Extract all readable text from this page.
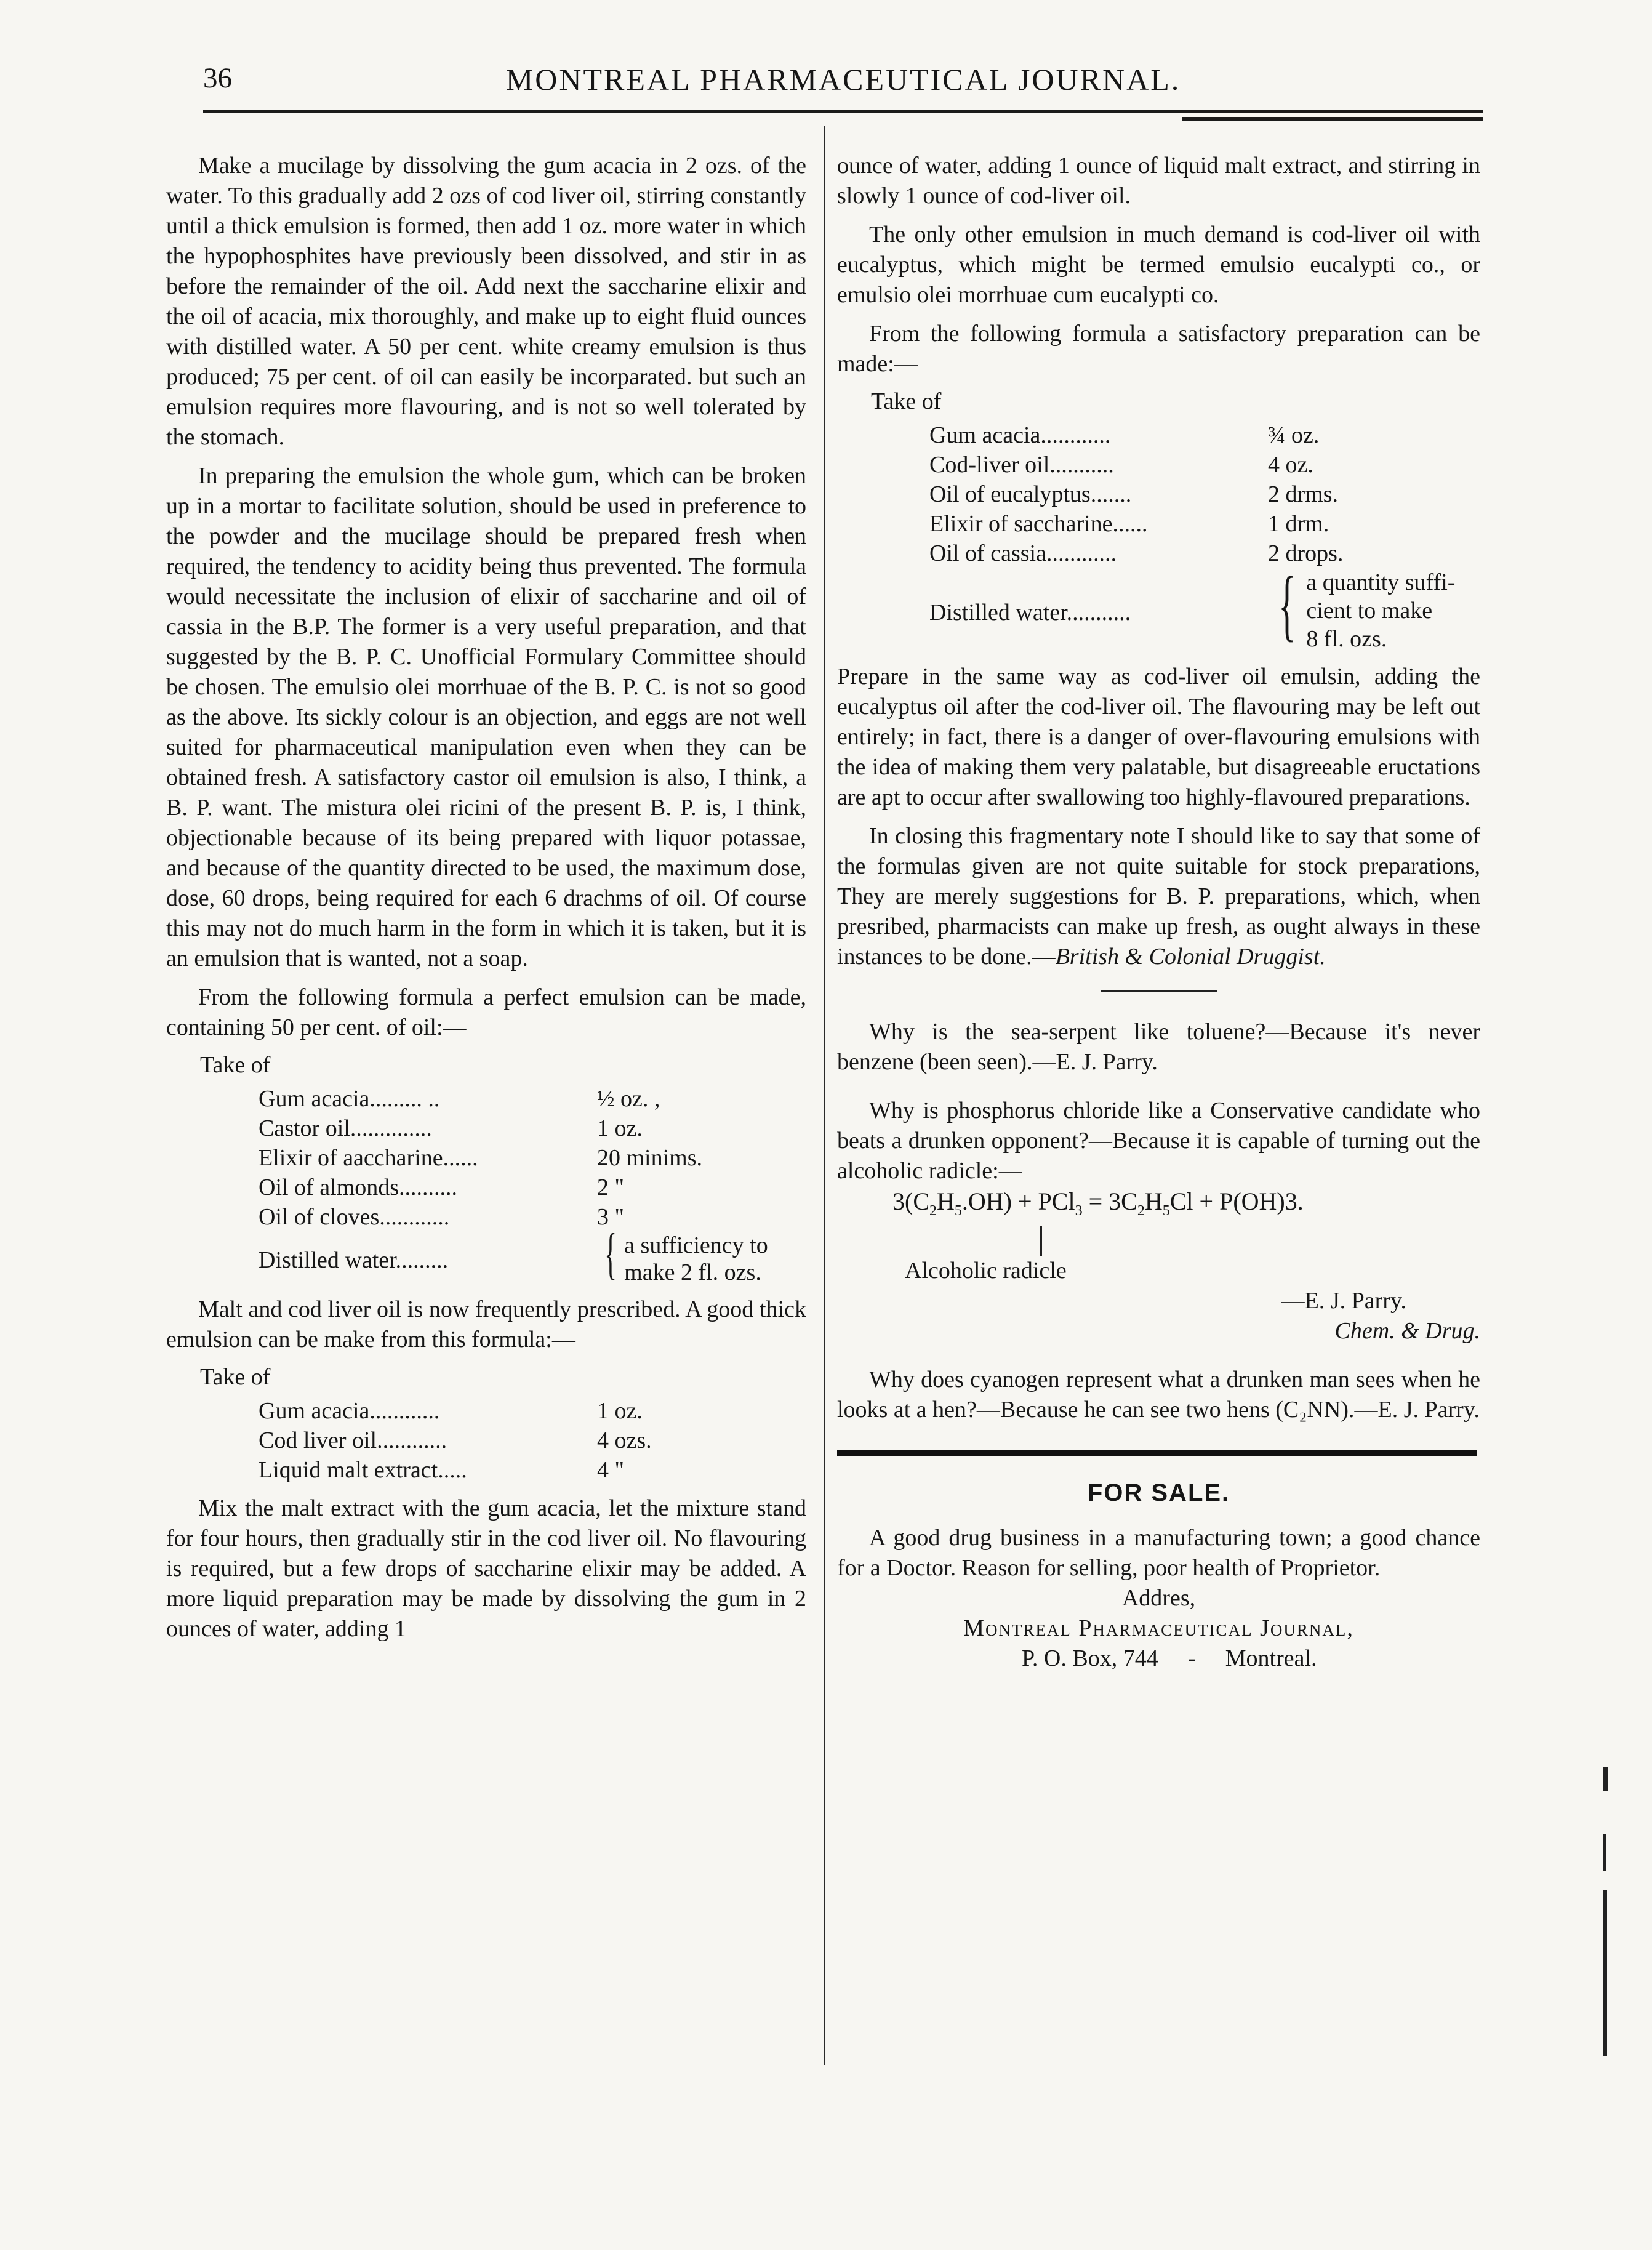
36	MONTREAL PHARMACEUTICAL JOURNAL.

Make a mucilage by dissolving the gum acacia in 2 ozs. of the water. To this gradually add 2 ozs of cod liver oil, stirring constantly until a thick emulsion is formed, then add 1 oz. more water in which the hypophosphites have previously been dissolved, and stir in as before the remainder of the oil. Add next the saccharine elixir and the oil of acacia, mix thoroughly, and make up to eight fluid ounces with distilled water. A 50 per cent. white creamy emulsion is thus produced; 75 per cent. of oil can easily be incorparated. but such an emulsion requires more flavouring, and is not so well tolerated by the stomach.

In preparing the emulsion the whole gum, which can be broken up in a mortar to facilitate solution, should be used in preference to the powder and the mucilage should be prepared fresh when required, the tendency to acidity being thus prevented. The formula would necessitate the inclusion of elixir of saccharine and oil of cassia in the B.P. The former is a very useful preparation, and that suggested by the B. P. C. Unofficial Formulary Committee should be chosen. The emulsio olei morrhuae of the B. P. C. is not so good as the above. Its sickly colour is an objection, and eggs are not well suited for pharmaceutical manipulation even when they can be obtained fresh. A satisfactory castor oil emulsion is also, I think, a B. P. want. The mistura olei ricini of the present B. P. is, I think, objectionable because of its being prepared with liquor potassae, and because of the quantity directed to be used, the maximum dose, dose, 60 drops, being required for each 6 drachms of oil. Of course this may not do much harm in the form in which it is taken, but it is an emulsion that is wanted, not a soap.

From the following formula a perfect emulsion can be made, containing 50 per cent. of oil:—

Take of

Gum acacia......... ..	½ oz. ,
Castor oil..............	1 oz.
Elixir of aaccharine......	20 minims.
Oil of almonds..........	2 "
Oil of cloves............	3 "
Distilled water.........	{ a sufficiency to
make 2 fl. ozs.

Malt and cod liver oil is now frequently prescribed. A good thick emulsion can be make from this formula:—

Take of

Gum acacia............	1 oz.
Cod liver oil............	4 ozs.
Liquid malt extract.....	4 "

Mix the malt extract with the gum acacia, let the mixture stand for four hours, then gradually stir in the cod liver oil. No flavouring is required, but a few drops of saccharine elixir may be added. A more liquid preparation may be made by dissolving the gum in 2 ounces of water, adding 1

ounce of water, adding 1 ounce of liquid malt extract, and stirring in slowly 1 ounce of cod-liver oil.

The only other emulsion in much demand is cod-liver oil with eucalyptus, which might be termed emulsio eucalypti co., or emulsio olei morrhuae cum eucalypti co.

From the following formula a satisfactory preparation can be made:—

Take of

Gum acacia............	¾ oz.
Cod-liver oil...........	4 oz.
Oil of eucalyptus.......	2 drms.
Elixir of saccharine......	1 drm.
Oil of cassia............	2 drops.
Distilled water...........	{ a quantity suffi-
cient to make
8 fl. ozs.

Prepare in the same way as cod-liver oil emulsin, adding the eucalyptus oil after the cod-liver oil. The flavouring may be left out entirely; in fact, there is a danger of over-flavouring emulsions with the idea of making them very palatable, but disagreeable eructations are apt to occur after swallowing too highly-flavoured preparations.

In closing this fragmentary note I should like to say that some of the formulas given are not quite suitable for stock preparations, They are merely suggestions for B. P. preparations, which, when presribed, pharmacists can make up fresh, as ought always in these instances to be done.—British & Colonial Druggist.

Why is the sea-serpent like toluene?—Because it's never benzene (been seen).—E. J. Parry.

Why is phosphorus chloride like a Conservative candidate who beats a drunken opponent?—Because it is capable of turning out the alcoholic radicle:—

$3(C_2H_5.OH) + PCl_3 = 3C_2H_5Cl + P(OH)3$.

Alcoholic radicle

—E. J. Parry.

Chem. & Drug.

Why does cyanogen represent what a drunken man sees when he looks at a hen?—Because he can see two hens (C₂NN).—E. J. Parry.

FOR SALE.

A good drug business in a manufacturing town; a good chance for a Doctor. Reason for selling, poor health of Proprietor.

Addres,

Montreal Pharmaceutical Journal,

P. O. Box, 744 - Montreal.
